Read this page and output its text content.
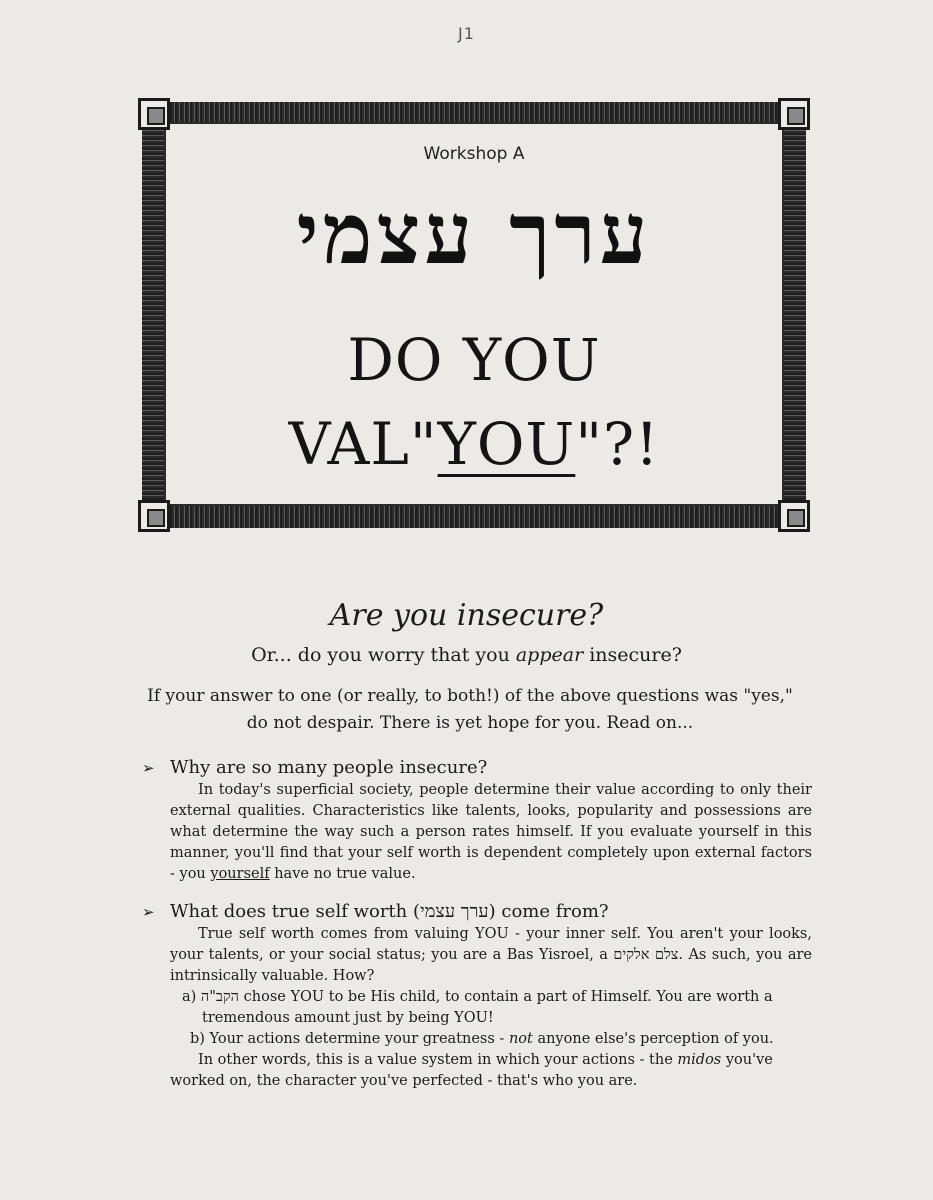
J1
Workshop A
ערך עצמי
DO YOU
VAL"YOU"?!
Are you insecure?
Or... do you worry that you appear insecure?
If your answer to one (or really, to both!) of the above questions was "yes,"
do not despair. There is yet hope for you. Read on...
➢ Why are so many people insecure?

In today's superficial society, people determine their value according to only their external qualities. Characteristics like talents, looks, popularity and possessions are what determine the way such a person rates himself. If you evaluate yourself in this manner, you'll find that your self worth is dependent completely upon external factors - you yourself have no true value.

➢ What does true self worth (ערך עצמי) come from?

True self worth comes from valuing YOU - your inner self. You aren't your looks, your talents, or your social status; you are a Bas Yisroel, a צלם אלקים. As such, you are intrinsically valuable. How?

a) הקב"ה chose YOU to be His child, to contain a part of Himself. You are worth a tremendous amount just by being YOU!
b) Your actions determine your greatness - not anyone else's perception of you.

In other words, this is a value system in which your actions - the midos you've worked on, the character you've perfected - that's who you are.
